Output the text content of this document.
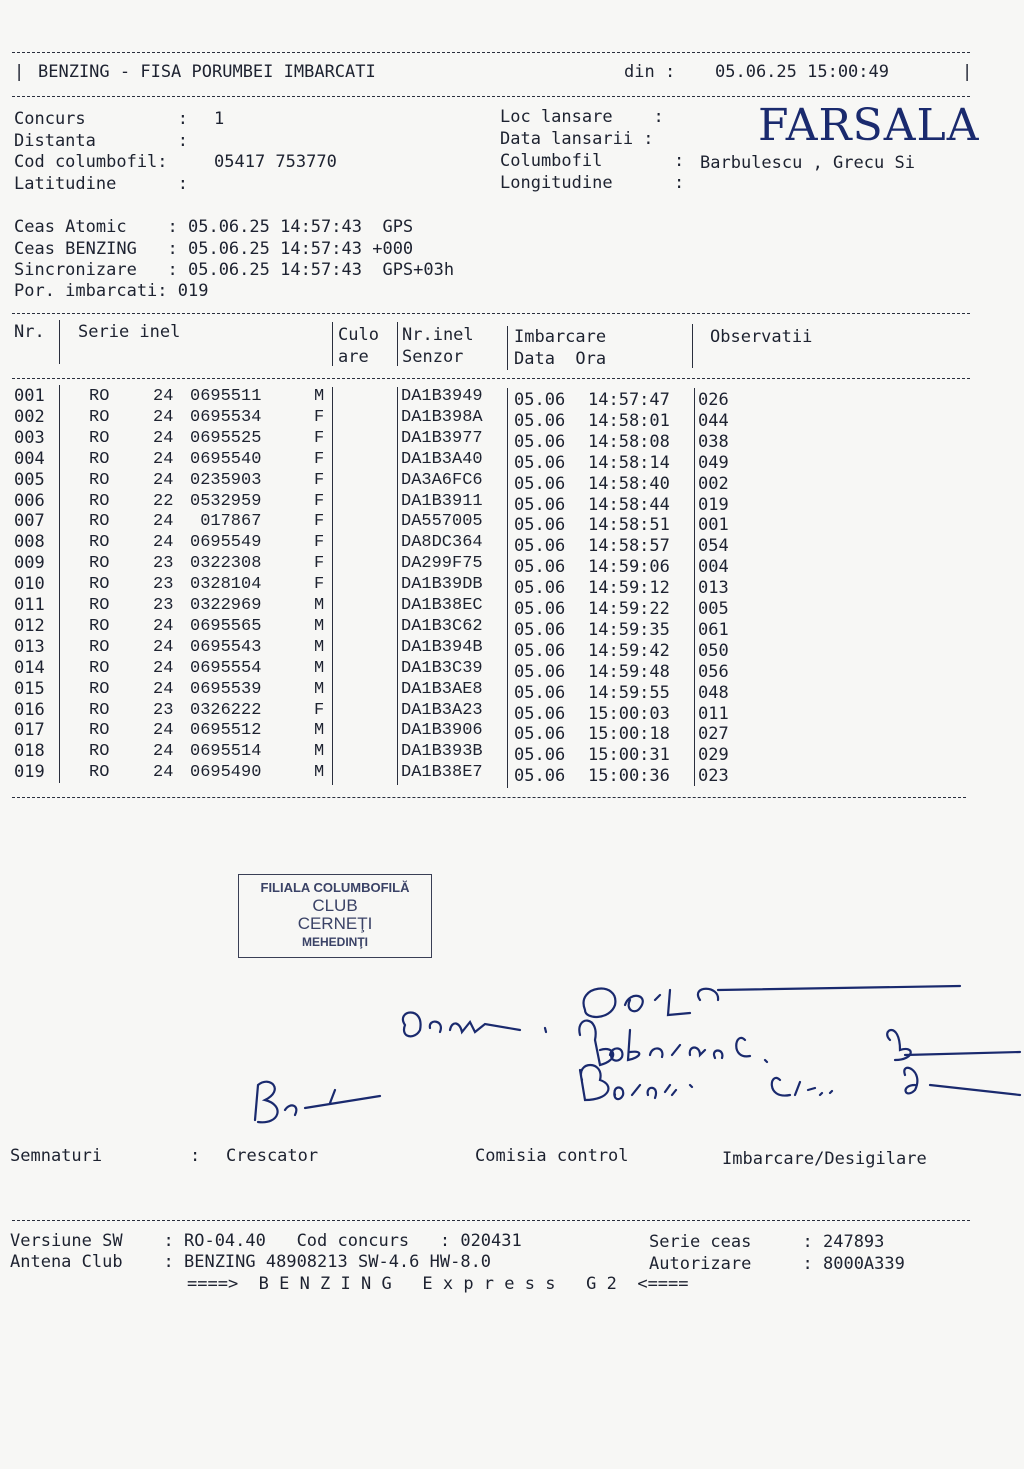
| BENZING - FISA PORUMBEI IMBARCATI	din : 05.06.25 15:00:49	|
Concurs         : 1
Distanta        :
Cod columbofil:	05417 753770
Latitudine      :
Loc lansare    :
Data lansarii :
Columbofil       : Barbulescu , Grecu Si
Longitudine      :
FARSALA
Ceas Atomic    : 05.06.25 14:57:43  GPS
Ceas BENZING   : 05.06.25 14:57:43 +000
Sincronizare   : 05.06.25 14:57:43  GPS+03h
Por. imbarcati: 019
Nr. Serie inel	Culo
are
Nr.inel
Senzor
Imbarcare
Data  Ora
Observatii
001	RO	24 0695511	M	DA1B3949 05.06 14:57:47 026
002	RO	24 0695534	F	DA1B398A 05.06 14:58:01 044
003	RO	24 0695525	F	DA1B3977 05.06 14:58:08 038
004	RO	24 0695540	F	DA1B3A40 05.06 14:58:14 049
005	RO	24 0235903	F	DA3A6FC6 05.06 14:58:40 002
006	RO	22 0532959	F	DA1B3911 05.06 14:58:44 019
007	RO	24 017867	F	DA557005 05.06 14:58:51 001
008	RO	24 0695549	F	DA8DC364 05.06 14:58:57 054
009	RO	23 0322308	F	DA299F75 05.06 14:59:06 004
010	RO	23 0328104	F	DA1B39DB 05.06 14:59:12 013
011	RO	23 0322969	M	DA1B38EC 05.06 14:59:22 005
012	RO	24 0695565	M	DA1B3C62 05.06 14:59:35 061
013	RO	24 0695543	M	DA1B394B 05.06 14:59:42 050
014	RO	24 0695554	M	DA1B3C39 05.06 14:59:48 056
015	RO	24 0695539	M	DA1B3AE8 05.06 14:59:55 048
016	RO	23 0326222	F	DA1B3A23 05.06 15:00:03 011
017	RO	24 0695512	M	DA1B3906 05.06 15:00:18 027
018	RO	24 0695514	M	DA1B393B 05.06 15:00:31 029
019	RO	24 0695490	M	DA1B38E7 05.06 15:00:36 023
FILIALA COLUMBOFILĂ
CLUB
CERNEŢI
MEHEDINŢI
Semnaturi	: Crescator	Comisia control	Imbarcare/Desigilare
Versiune SW    : RO-04.40   Cod concurs   : 020431	Serie ceas     : 247893
Antena Club    : BENZING 48908213 SW-4.6 HW-8.0	Autorizare     : 8000A339
====>  B E N Z I N G   E x p r e s s   G 2  <====
